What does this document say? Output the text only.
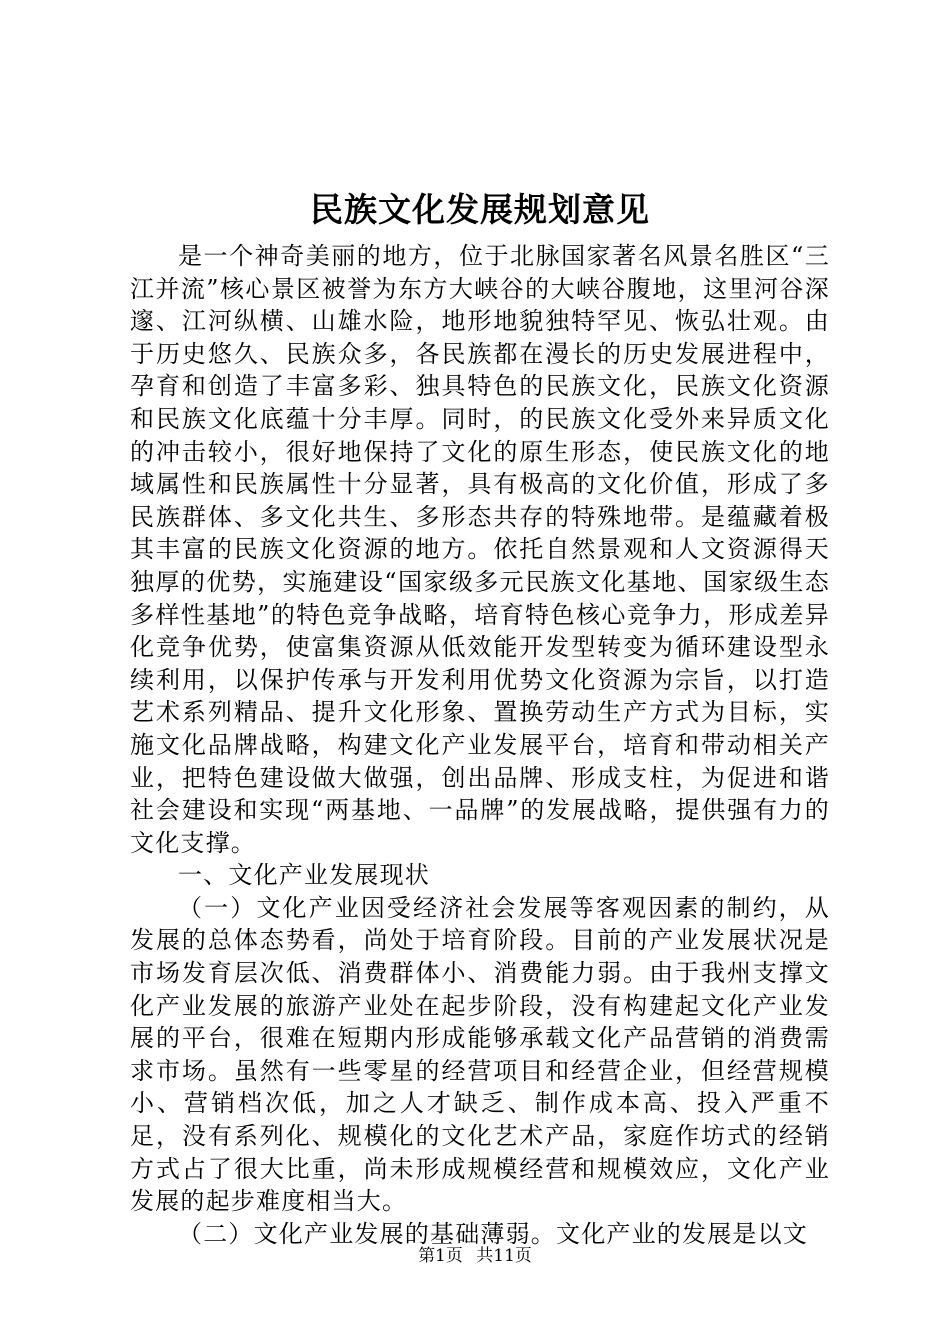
民族文化发展规划意见

是一个神奇美丽的地方，位于北脉国家著名风景名胜区“三江并流”核心景区被誉为东方大峡谷的大峡谷腹地，这里河谷深邃、江河纵横、山雄水险，地形地貌独特罕见、恢弘壮观。由于历史悠久、民族众多，各民族都在漫长的历史发展进程中，孕育和创造了丰富多彩、独具特色的民族文化，民族文化资源和民族文化底蕴十分丰厚。同时，的民族文化受外来异质文化的冲击较小，很好地保持了文化的原生形态，使民族文化的地域属性和民族属性十分显著，具有极高的文化价值，形成了多民族群体、多文化共生、多形态共存的特殊地带。是蕴藏着极其丰富的民族文化资源的地方。依托自然景观和人文资源得天独厚的优势，实施建设“国家级多元民族文化基地、国家级生态多样性基地”的特色竞争战略，培育特色核心竞争力，形成差异化竞争优势，使富集资源从低效能开发型转变为循环建设型永续利用，以保护传承与开发利用优势文化资源为宗旨，以打造艺术系列精品、提升文化形象、置换劳动生产方式为目标，实施文化品牌战略，构建文化产业发展平台，培育和带动相关产业，把特色建设做大做强，创出品牌、形成支柱，为促进和谐社会建设和实现“两基地、一品牌”的发展战略，提供强有力的文化支撑。

一、文化产业发展现状

（一）文化产业因受经济社会发展等客观因素的制约，从发展的总体态势看，尚处于培育阶段。目前的产业发展状况是市场发育层次低、消费群体小、消费能力弱。由于我州支撑文化产业发展的旅游产业处在起步阶段，没有构建起文化产业发展的平台，很难在短期内形成能够承载文化产品营销的消费需求市场。虽然有一些零星的经营项目和经营企业，但经营规模小、营销档次低，加之人才缺乏、制作成本高、投入严重不足，没有系列化、规模化的文化艺术产品，家庭作坊式的经销方式占了很大比重，尚未形成规模经营和规模效应，文化产业发展的起步难度相当大。

（二）文化产业发展的基础薄弱。文化产业的发展是以文

第1页 共11页
